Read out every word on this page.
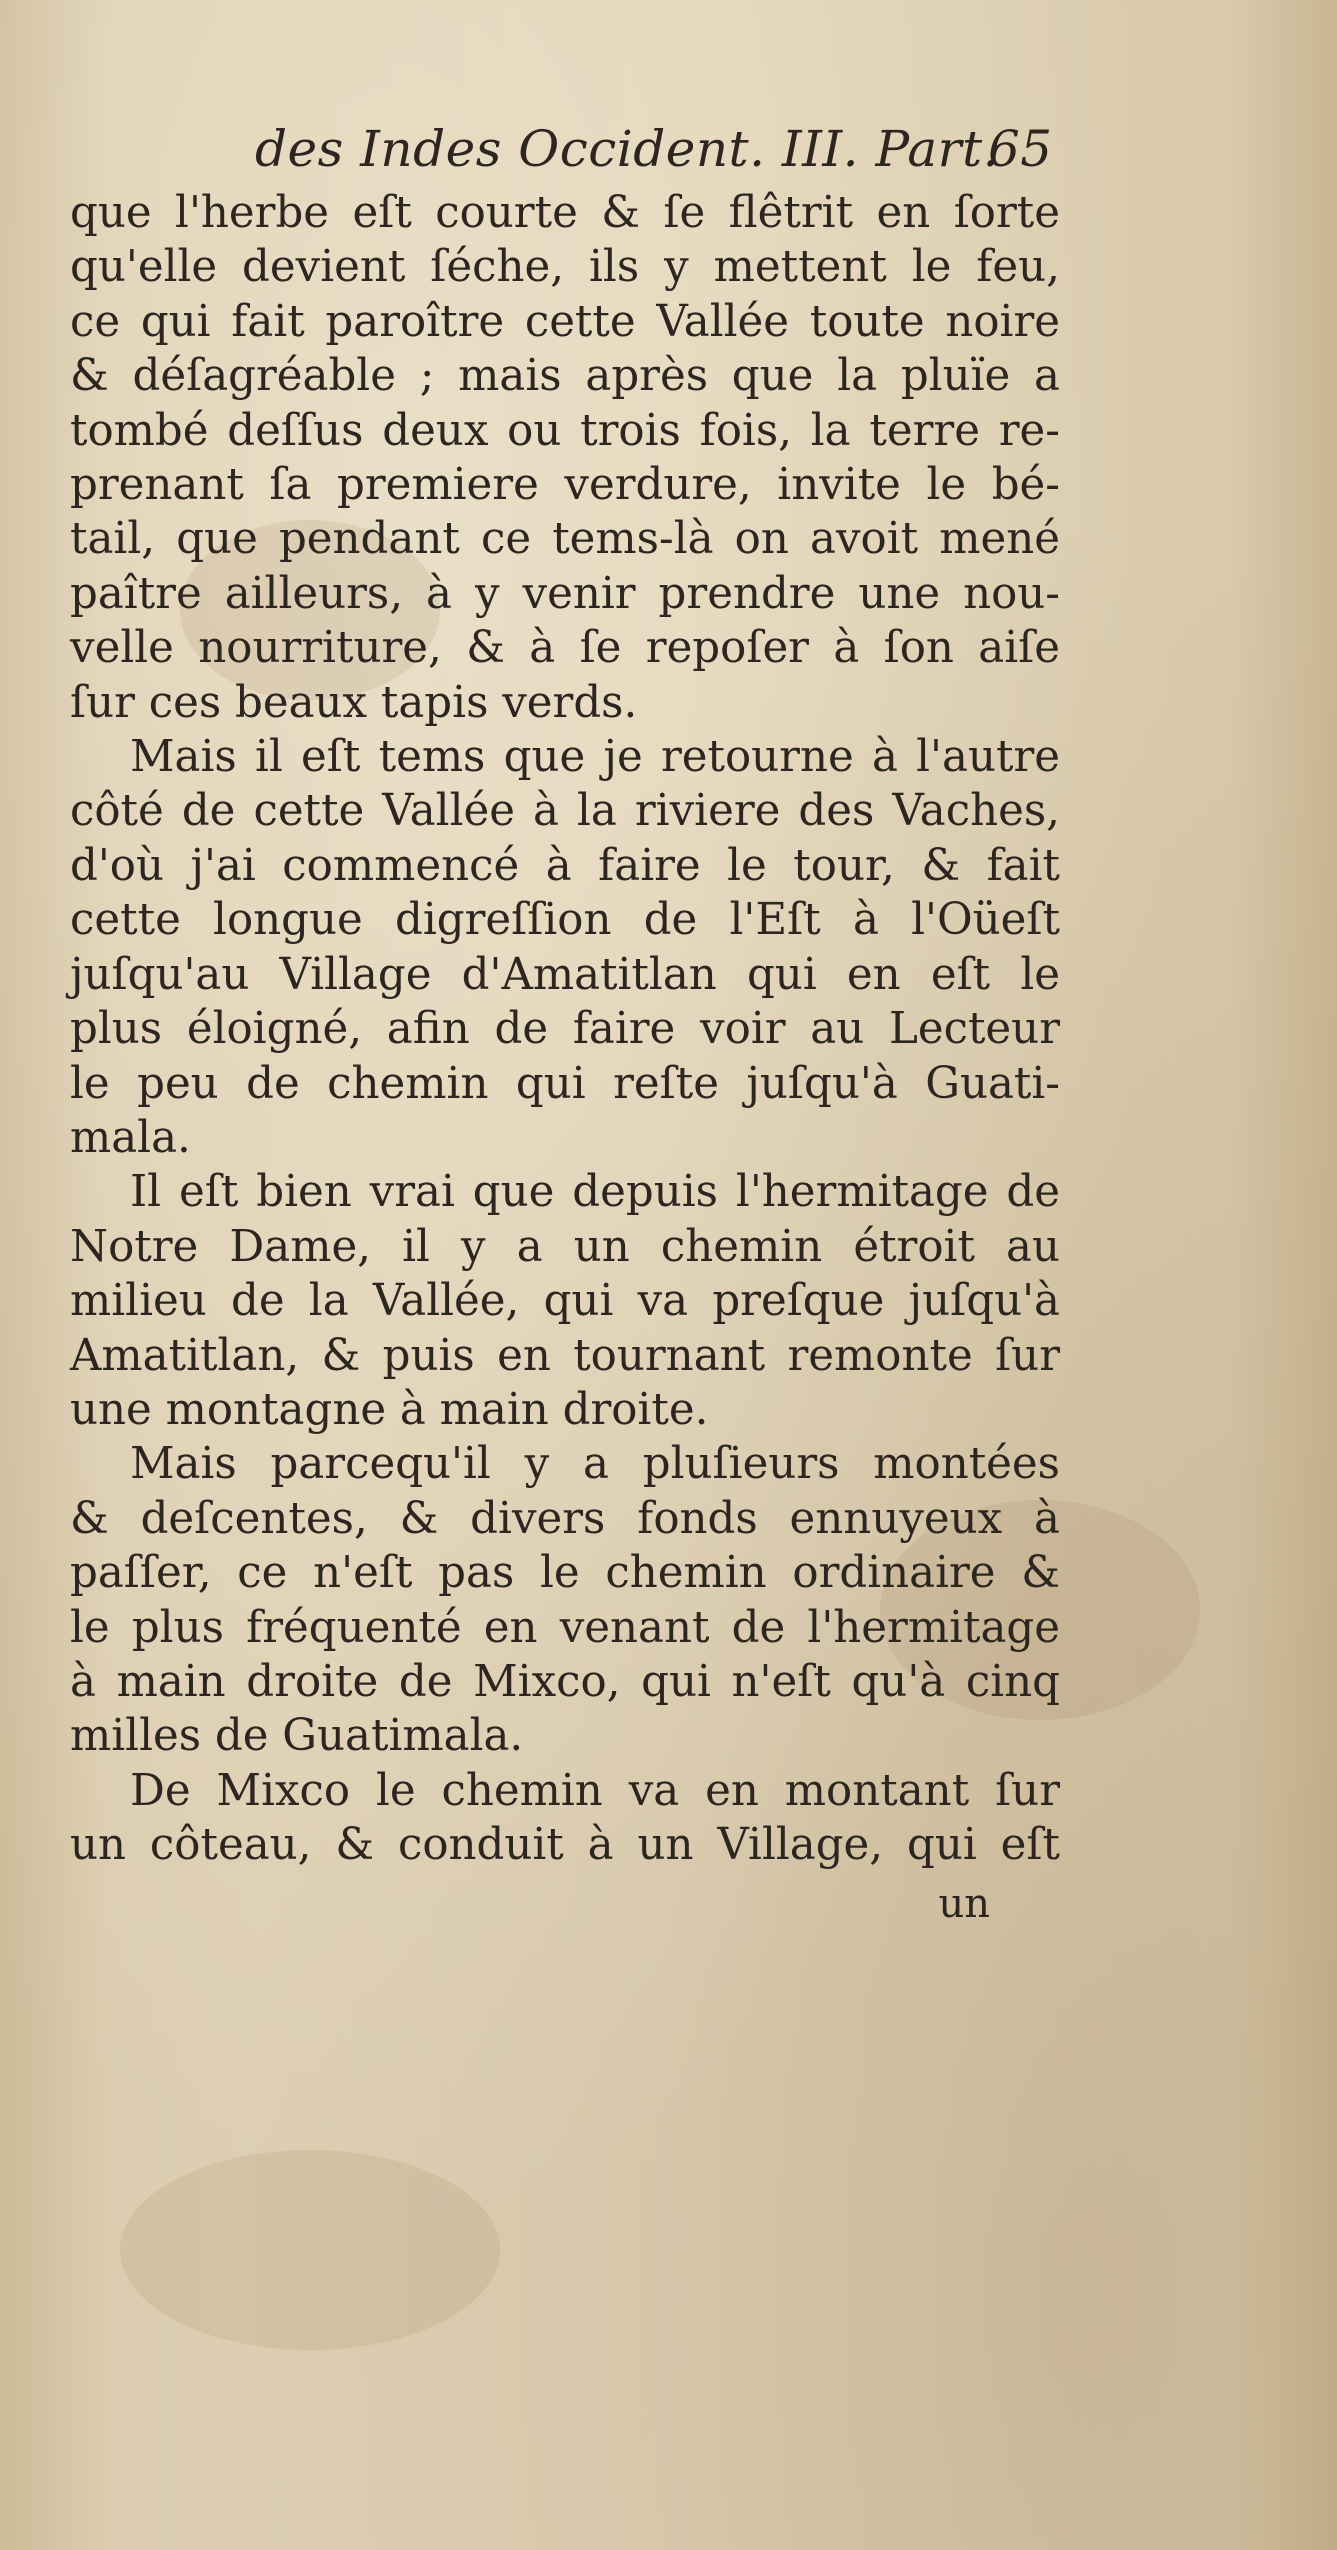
des Indes Occident. III. Part.
65

que l'herbe eſt courte & ſe flêtrit en ſorte

qu'elle devient ſéche, ils y mettent le feu,

ce qui fait paroître cette Vallée toute noire

& déſagréable ; mais après que la pluïe a

tombé deſſus deux ou trois fois, la terre re-

prenant ſa premiere verdure, invite le bé-

tail, que pendant ce tems-là on avoit mené

paître ailleurs, à y venir prendre une nou-

velle nourriture, & à ſe repoſer à ſon aiſe

ſur ces beaux tapis verds.

Mais il eſt tems que je retourne à l'autre

côté de cette Vallée à la riviere des Vaches,

d'où j'ai commencé à faire le tour, & fait

cette longue digreſſion de l'Eſt à l'Oüeſt

juſqu'au Village d'Amatitlan qui en eſt le

plus éloigné, afin de faire voir au Lecteur

le peu de chemin qui reſte juſqu'à Guati-

mala.

Il eſt bien vrai que depuis l'hermitage de

Notre Dame, il y a un chemin étroit au

milieu de la Vallée, qui va preſque juſqu'à

Amatitlan, & puis en tournant remonte ſur

une montagne à main droite.

Mais parcequ'il y a pluſieurs montées

& deſcentes, & divers fonds ennuyeux à

paſſer, ce n'eſt pas le chemin ordinaire &

le plus fréquenté en venant de l'hermitage

à main droite de Mixco, qui n'eſt qu'à cinq

milles de Guatimala.

De Mixco le chemin va en montant ſur

un côteau, & conduit à un Village, qui eſt

un
